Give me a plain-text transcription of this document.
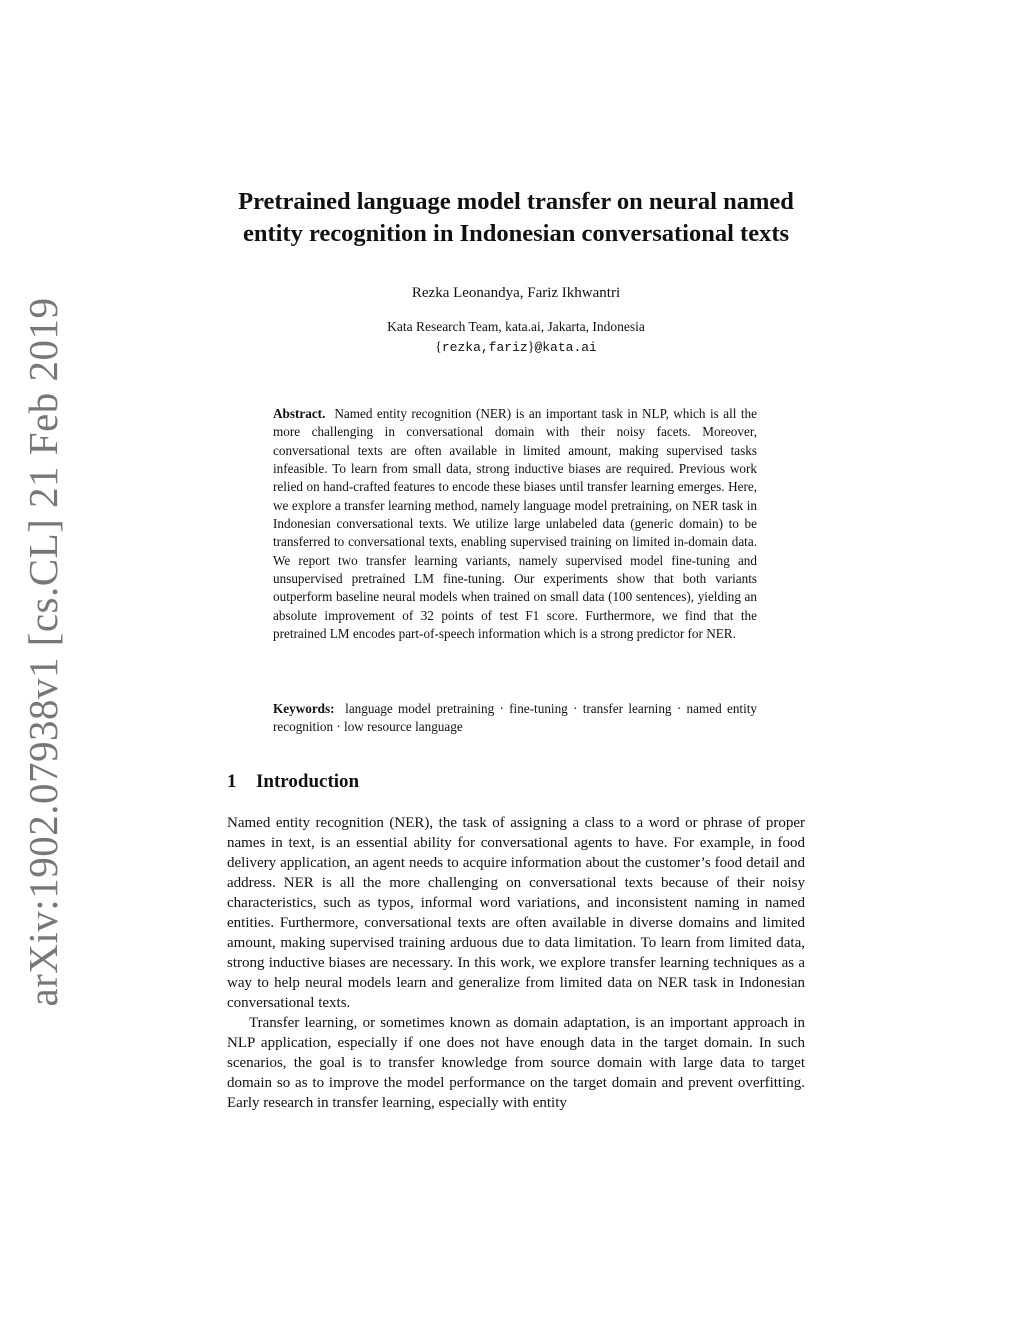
arXiv:1902.07938v1 [cs.CL] 21 Feb 2019
Pretrained language model transfer on neural named
entity recognition in Indonesian conversational texts
Rezka Leonandya, Fariz Ikhwantri
Kata Research Team, kata.ai, Jakarta, Indonesia
{rezka,fariz}@kata.ai
Abstract. Named entity recognition (NER) is an important task in NLP, which is all the more challenging in conversational domain with their noisy facets. Moreover, conversational texts are often available in limited amount, making supervised tasks infeasible. To learn from small data, strong inductive biases are required. Previous work relied on hand-crafted features to encode these biases until transfer learning emerges. Here, we explore a transfer learning method, namely language model pretraining, on NER task in Indonesian conversational texts. We utilize large unlabeled data (generic domain) to be transferred to conversational texts, enabling supervised training on limited in-domain data. We report two transfer learning variants, namely supervised model fine-tuning and unsupervised pretrained LM fine-tuning. Our experiments show that both variants outperform baseline neural models when trained on small data (100 sentences), yielding an absolute improvement of 32 points of test F1 score. Furthermore, we find that the pretrained LM encodes part-of-speech information which is a strong predictor for NER.
Keywords: language model pretraining · fine-tuning · transfer learning · named entity recognition · low resource language
1 Introduction

Named entity recognition (NER), the task of assigning a class to a word or phrase of proper names in text, is an essential ability for conversational agents to have. For example, in food delivery application, an agent needs to acquire information about the customer’s food detail and address. NER is all the more challenging on conversational texts because of their noisy characteristics, such as typos, informal word variations, and inconsistent naming in named entities. Furthermore, conversational texts are often available in diverse domains and limited amount, making supervised training arduous due to data limitation. To learn from limited data, strong inductive biases are necessary. In this work, we explore transfer learning techniques as a way to help neural models learn and generalize from limited data on NER task in Indonesian conversational texts.

Transfer learning, or sometimes known as domain adaptation, is an important approach in NLP application, especially if one does not have enough data in the target domain. In such scenarios, the goal is to transfer knowledge from source domain with large data to target domain so as to improve the model performance on the target domain and prevent overfitting. Early research in transfer learning, especially with entity
